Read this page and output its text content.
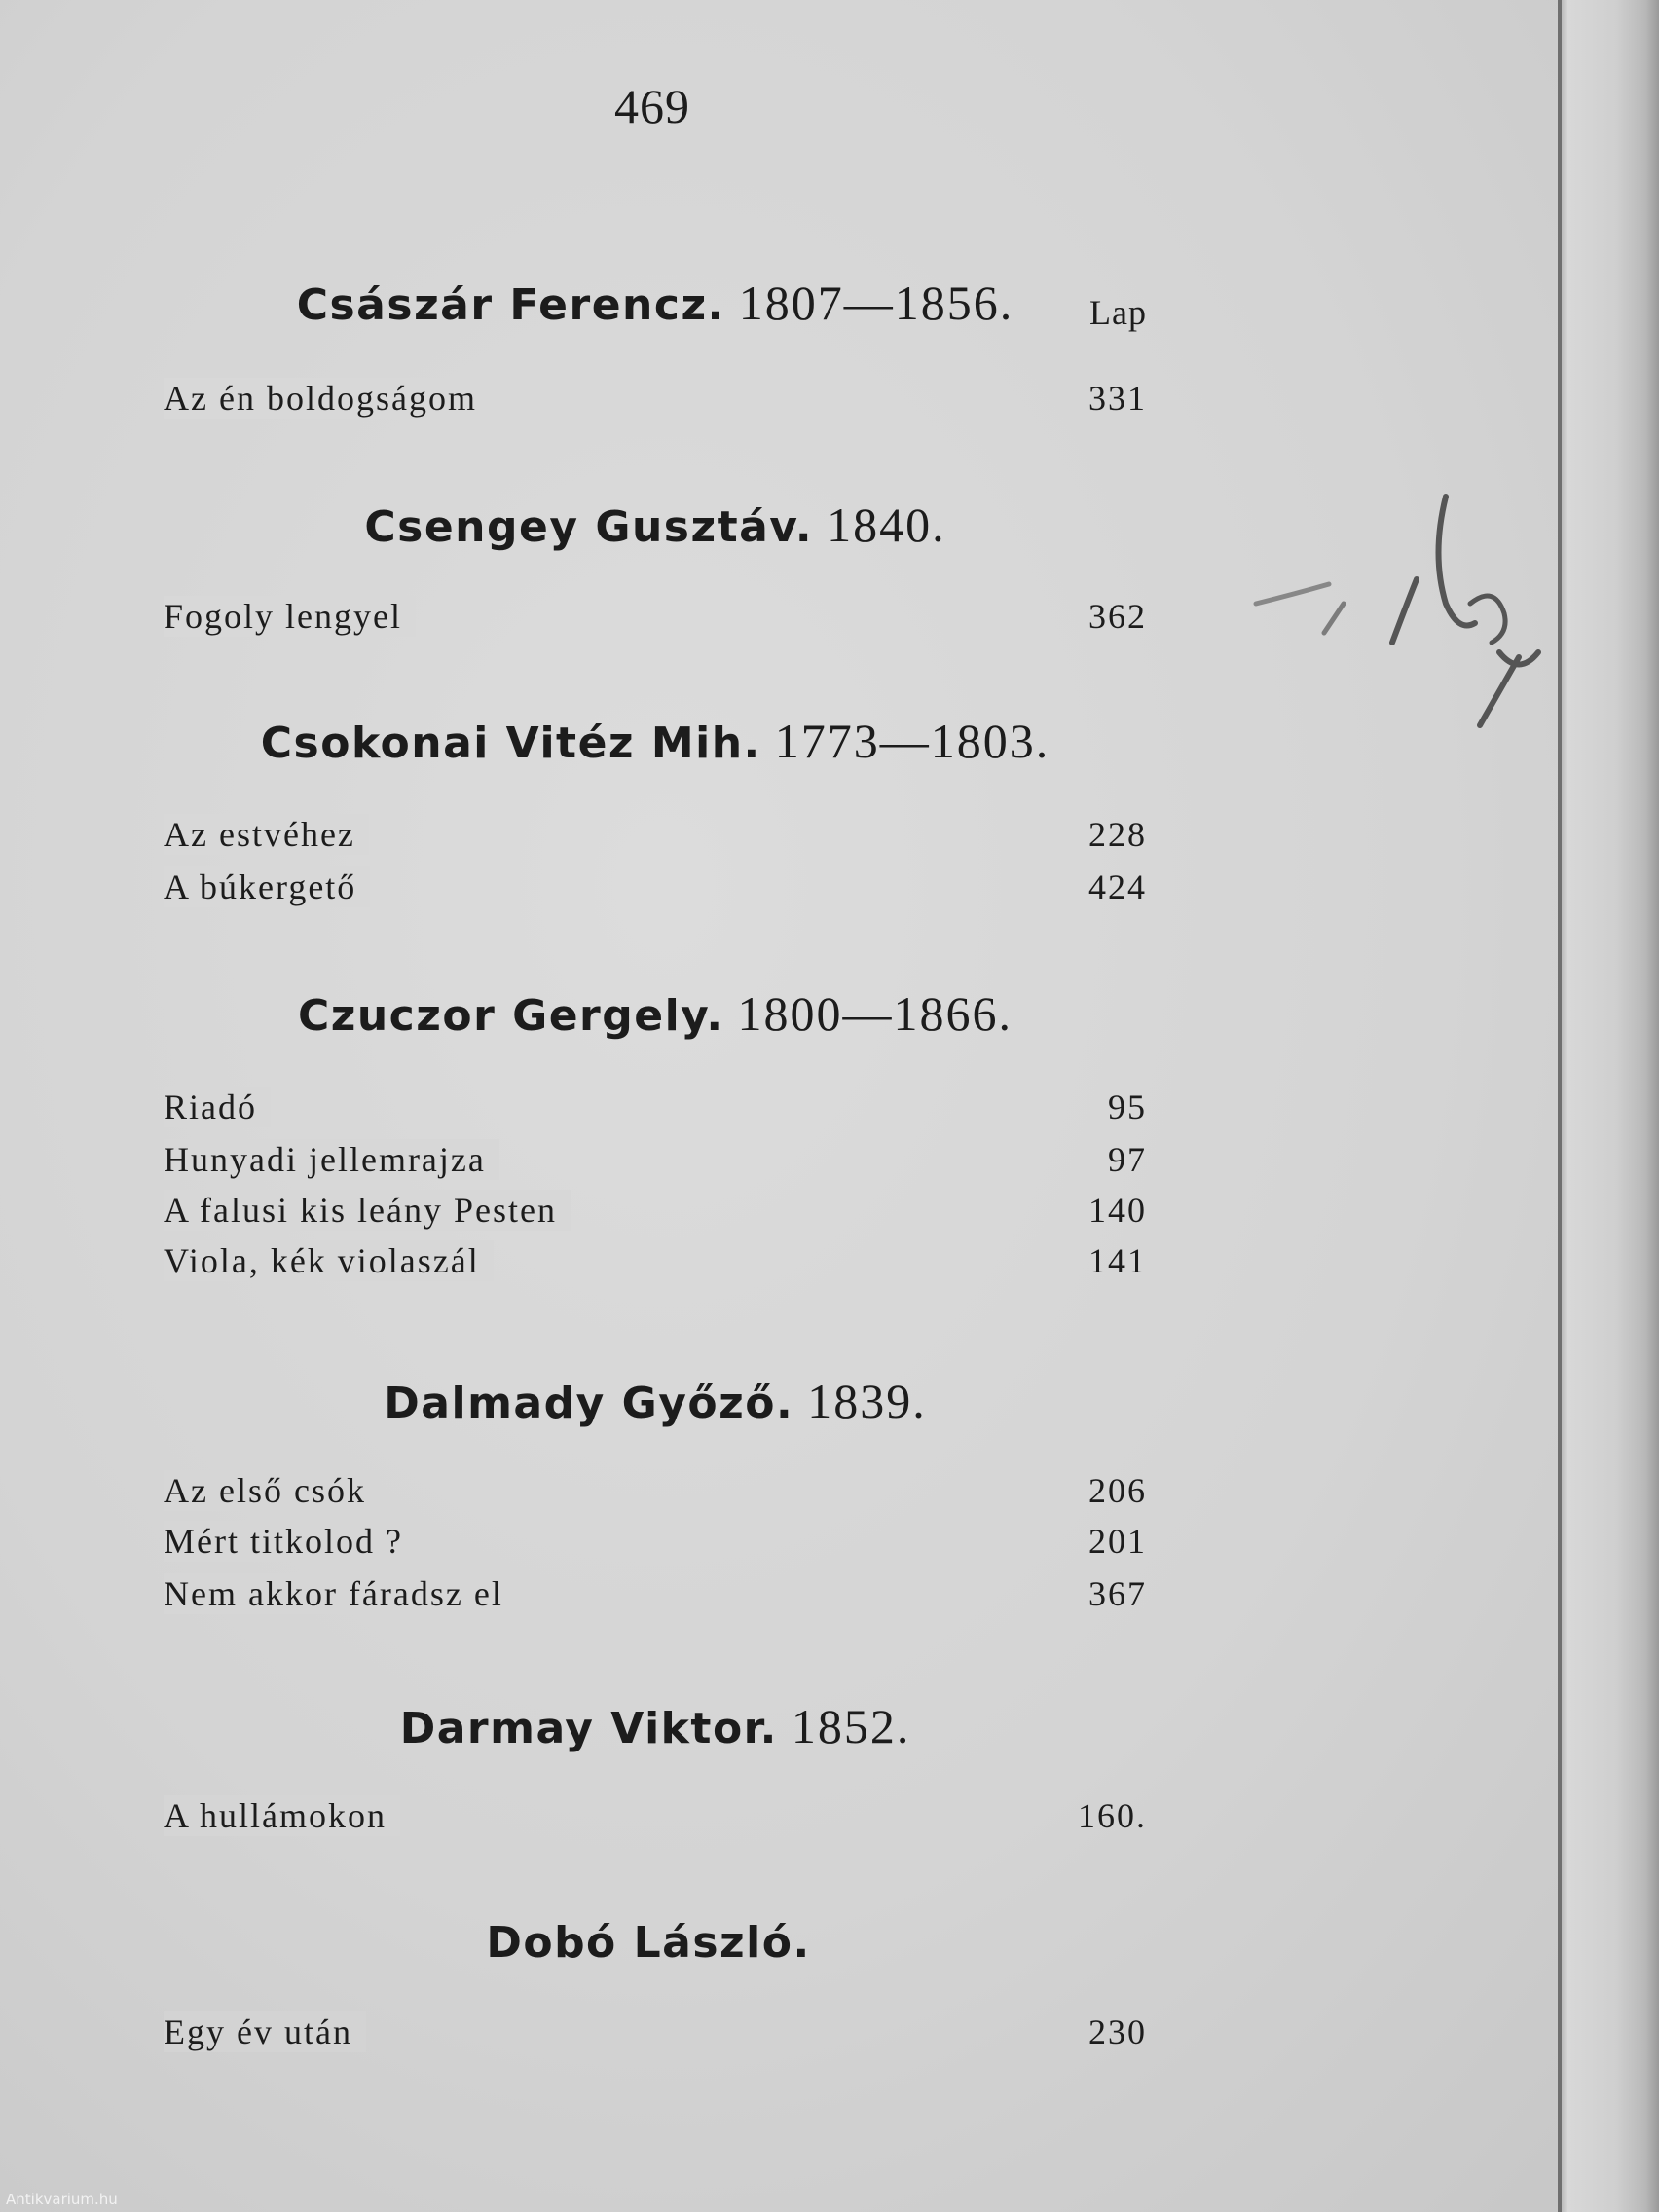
469
Császár Ferencz. 1807—1856.	Lap
Az én boldogságom	331
Csengey Gusztáv. 1840.
Fogoly lengyel	362
Csokonai Vitéz Mih. 1773—1803.
Az estvéhez	228
A búkergető	424
Czuczor Gergely. 1800—1866.
Riadó	95
Hunyadi jellemrajza	97
A falusi kis leány Pesten	140
Viola, kék violaszál	141
Dalmady Győző. 1839.
Az első csók	206
Mért titkolod ?	201
Nem akkor fáradsz el	367
Darmay Viktor. 1852.
A hullámokon	160.
Dobó László.
Egy év után	230
Antikvarium.hu
